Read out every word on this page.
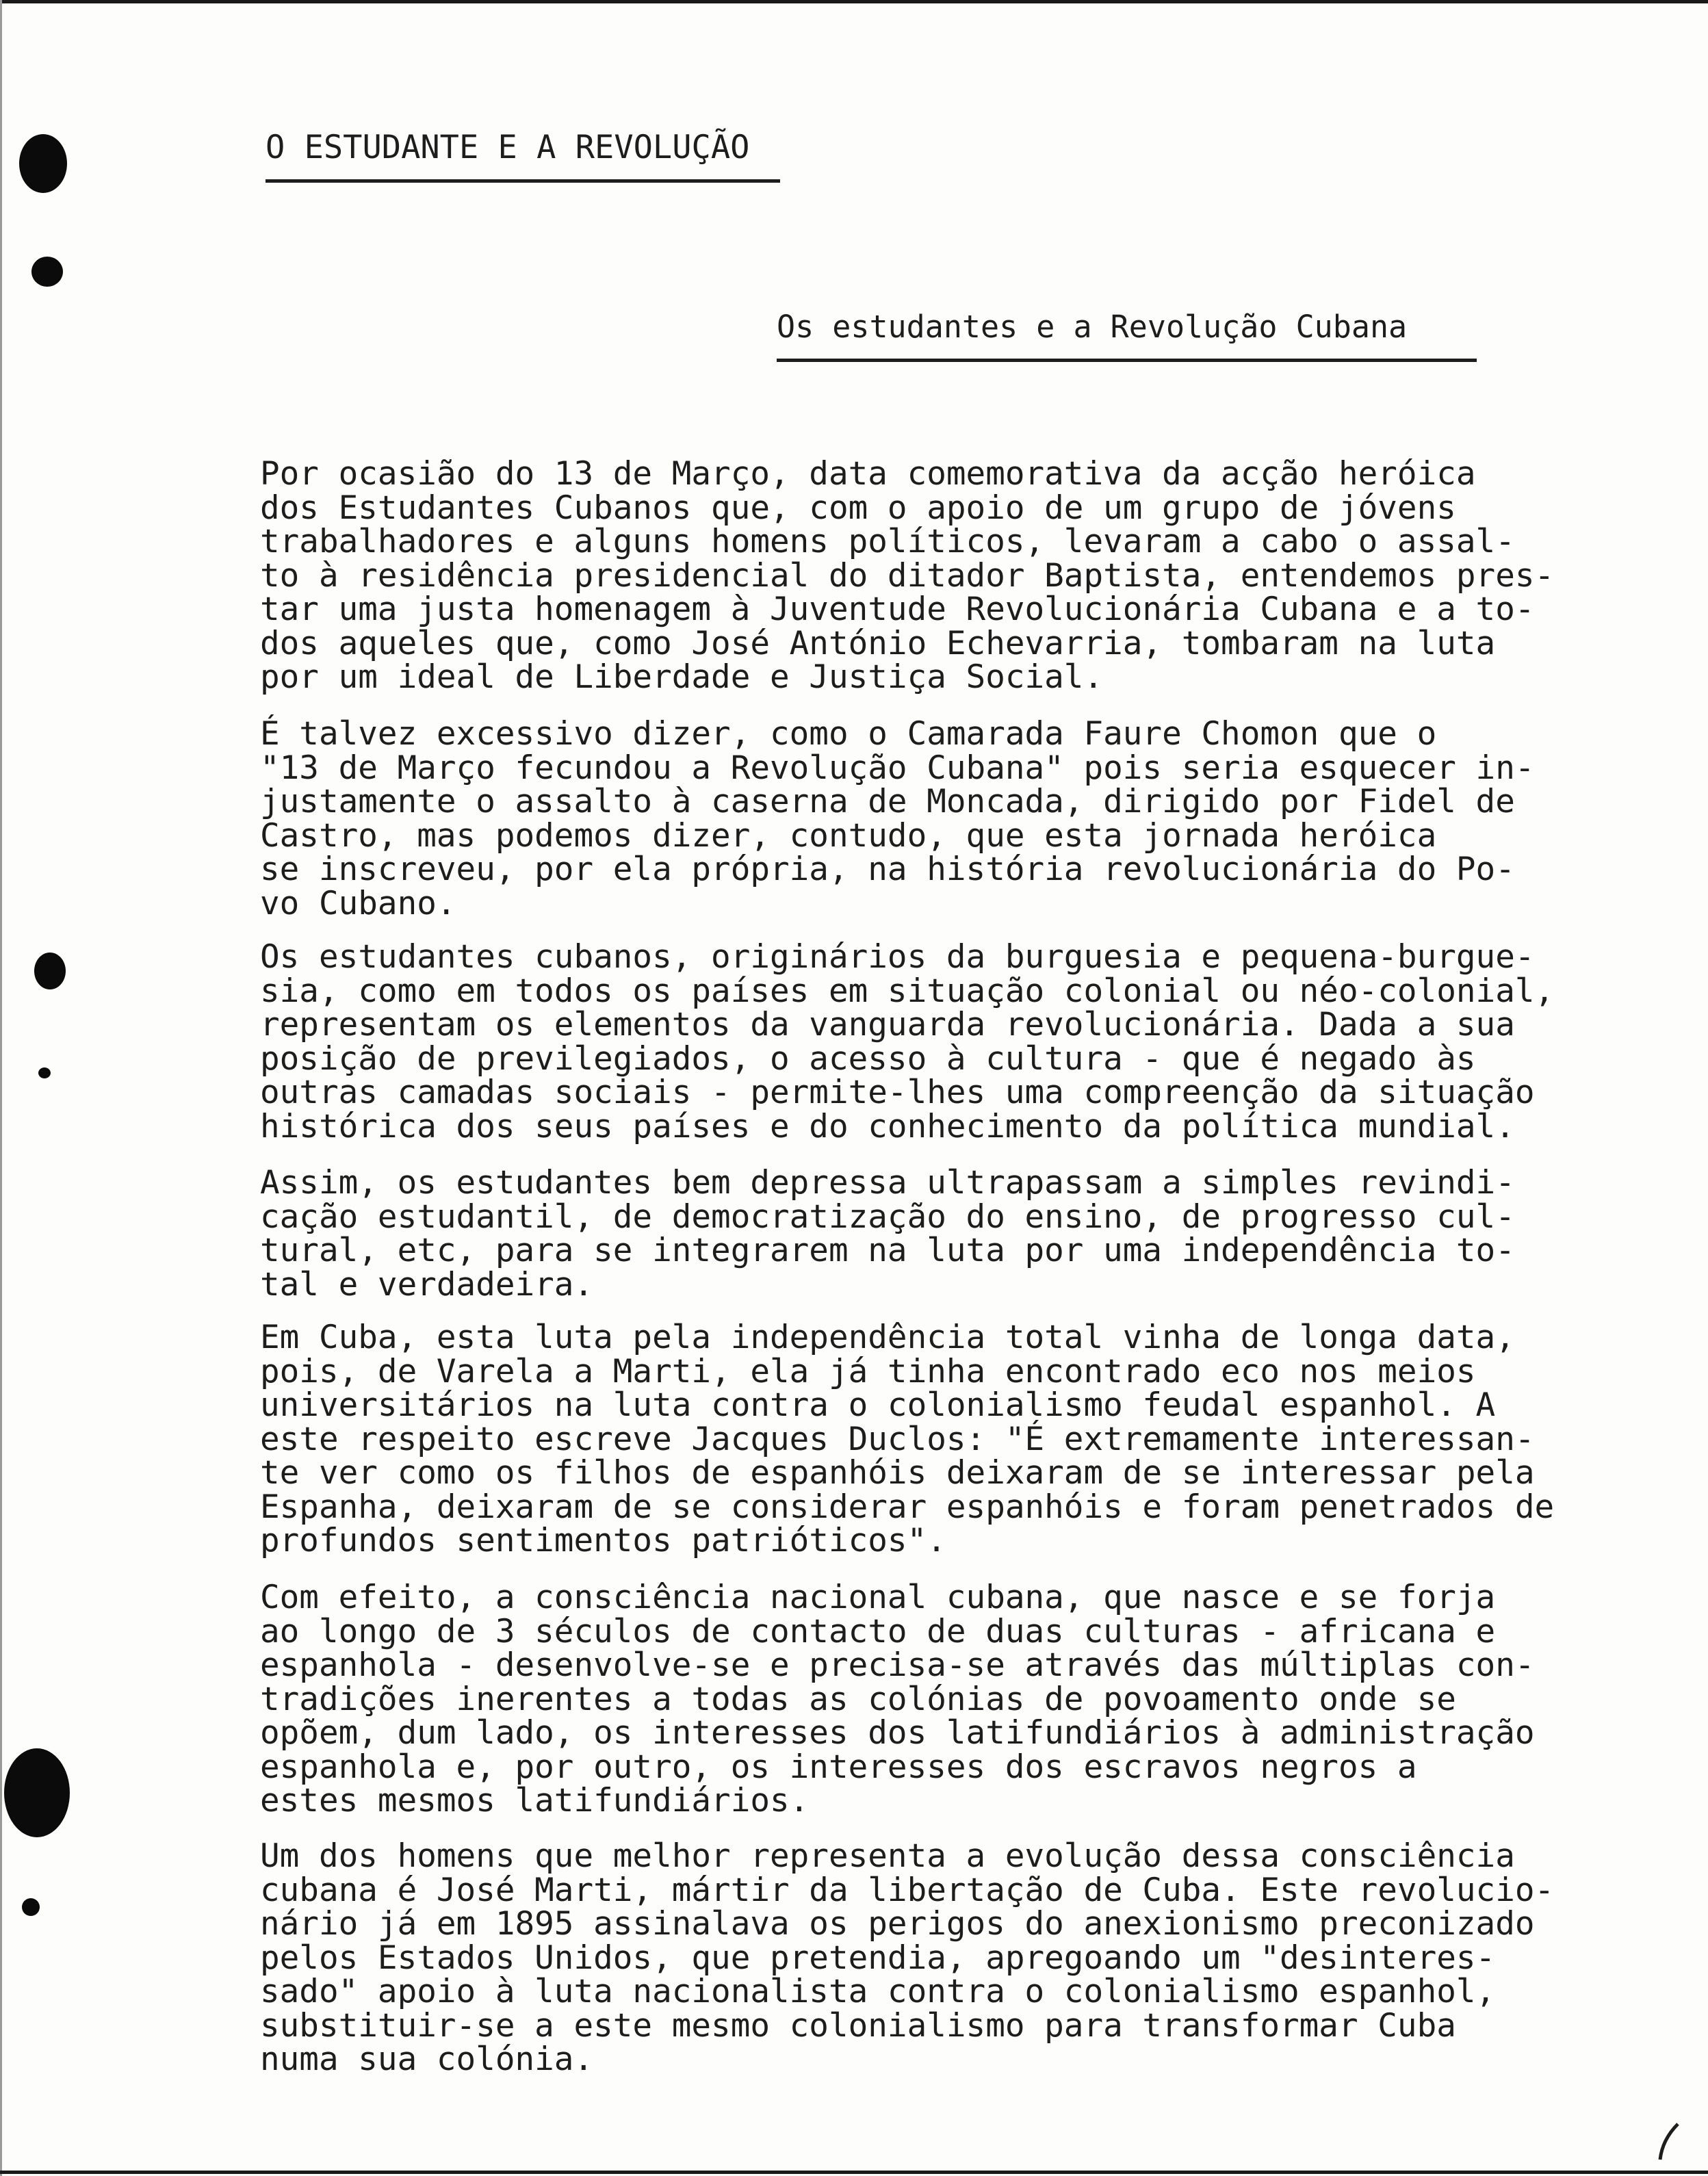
O ESTUDANTE E A REVOLUÇÃO
Os estudantes e a Revolução Cubana
Por ocasião do 13 de Março, data comemorativa da acção heróica
dos Estudantes Cubanos que, com o apoio de um grupo de jóvens
trabalhadores e alguns homens políticos, levaram a cabo o assal-
to à residência presidencial do ditador Baptista, entendemos pres-
tar uma justa homenagem à Juventude Revolucionária Cubana e a to-
dos aqueles que, como José António Echevarria, tombaram na luta
por um ideal de Liberdade e Justiça Social.
É talvez excessivo dizer, como o Camarada Faure Chomon que o
"13 de Março fecundou a Revolução Cubana" pois seria esquecer in-
justamente o assalto à caserna de Moncada, dirigido por Fidel de
Castro, mas podemos dizer, contudo, que esta jornada heróica
se inscreveu, por ela própria, na história revolucionária do Po-
vo Cubano.
Os estudantes cubanos, originários da burguesia e pequena-burgue-
sia, como em todos os países em situação colonial ou néo-colonial,
representam os elementos da vanguarda revolucionária. Dada a sua
posição de previlegiados, o acesso à cultura - que é negado às
outras camadas sociais - permite-lhes uma compreenção da situação
histórica dos seus países e do conhecimento da política mundial.
Assim, os estudantes bem depressa ultrapassam a simples revindi-
cação estudantil, de democratização do ensino, de progresso cul-
tural, etc, para se integrarem na luta por uma independência to-
tal e verdadeira.
Em Cuba, esta luta pela independência total vinha de longa data,
pois, de Varela a Marti, ela já tinha encontrado eco nos meios
universitários na luta contra o colonialismo feudal espanhol. A
este respeito escreve Jacques Duclos: "É extremamente interessan-
te ver como os filhos de espanhóis deixaram de se interessar pela
Espanha, deixaram de se considerar espanhóis e foram penetrados de
profundos sentimentos patrióticos".
Com efeito, a consciência nacional cubana, que nasce e se forja
ao longo de 3 séculos de contacto de duas culturas - africana e
espanhola - desenvolve-se e precisa-se através das múltiplas con-
tradições inerentes a todas as colónias de povoamento onde se
opõem, dum lado, os interesses dos latifundiários à administração
espanhola e, por outro, os interesses dos escravos negros a
estes mesmos latifundiários.
Um dos homens que melhor representa a evolução dessa consciência
cubana é José Marti, mártir da libertação de Cuba. Este revolucio-
nário já em 1895 assinalava os perigos do anexionismo preconizado
pelos Estados Unidos, que pretendia, apregoando um "desinteres-
sado" apoio à luta nacionalista contra o colonialismo espanhol,
substituir-se a este mesmo colonialismo para transformar Cuba
numa sua colónia.
